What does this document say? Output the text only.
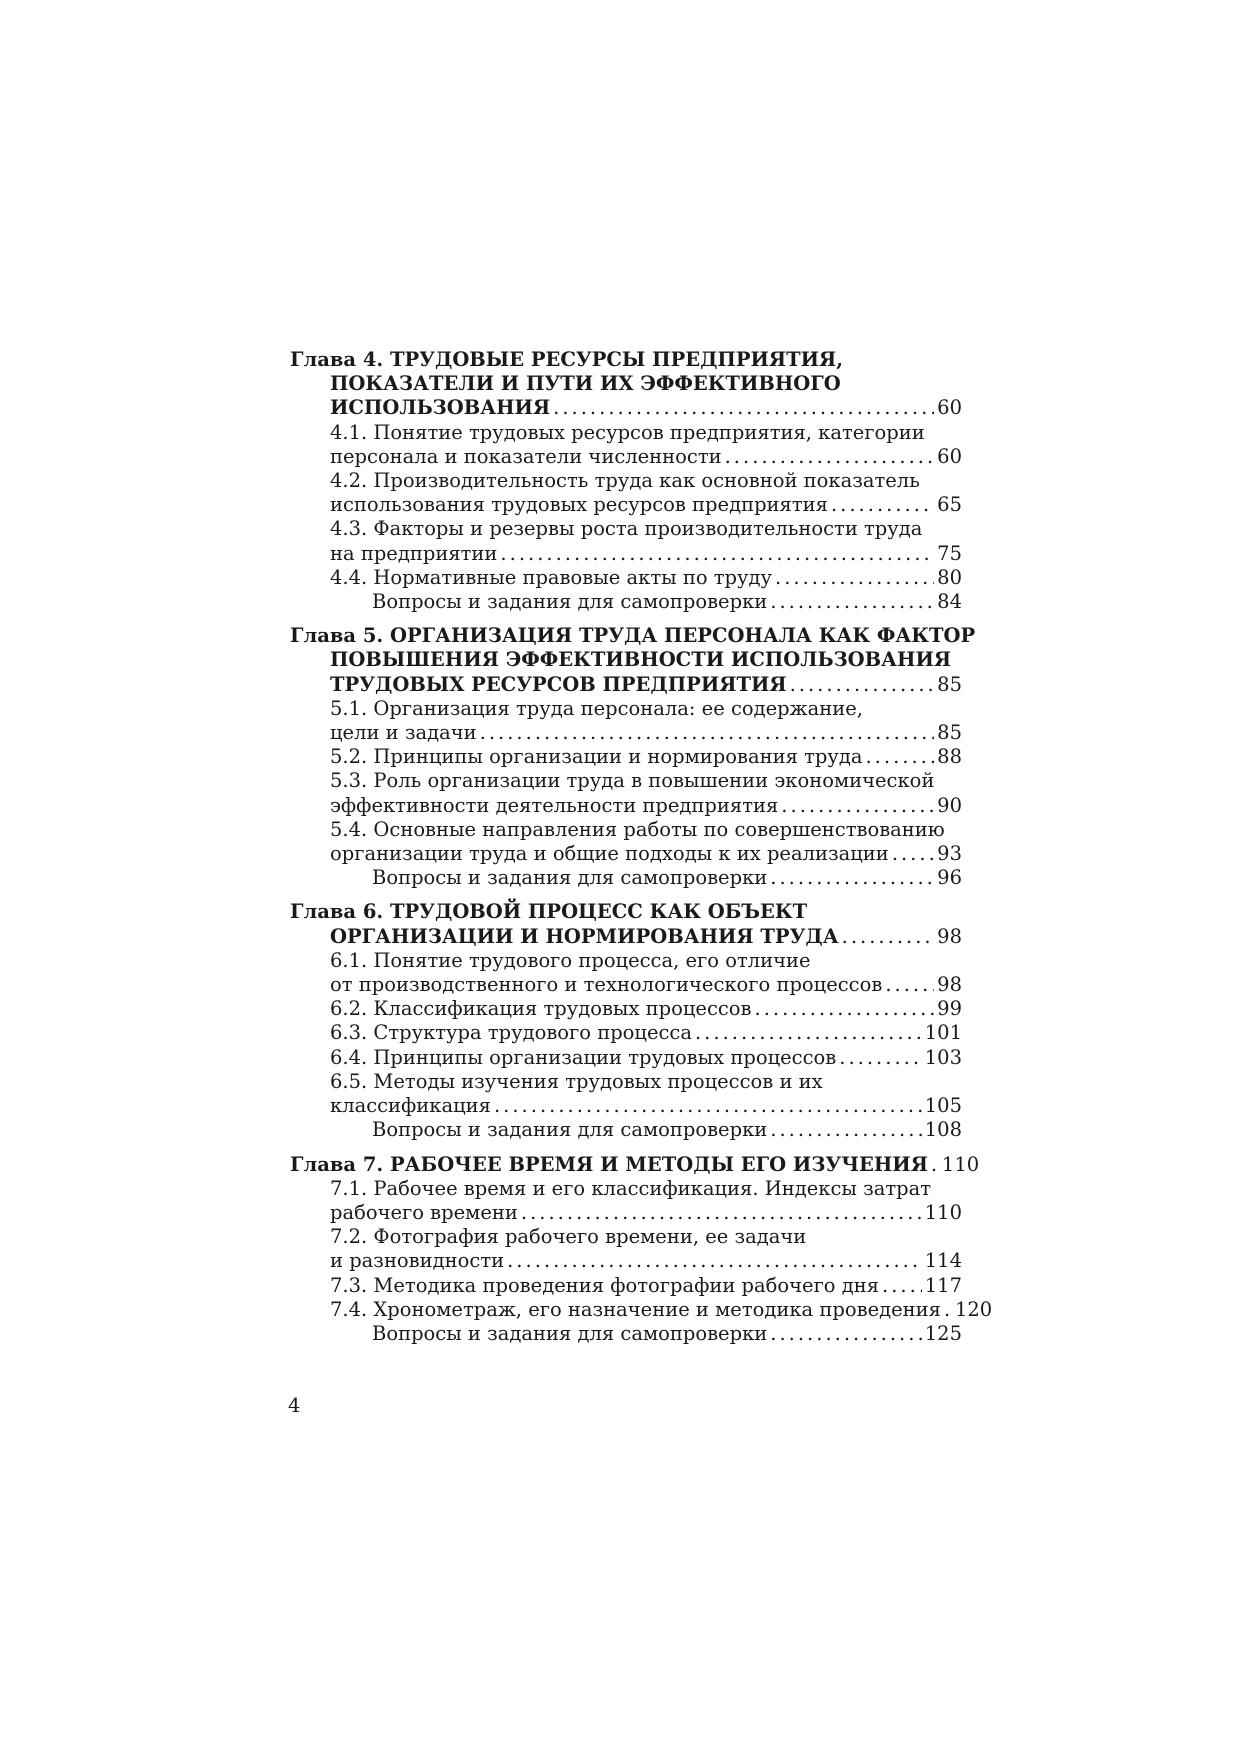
Глава 4.
ТРУДОВЫЕ РЕСУРСЫ ПРЕДПРИЯТИЯ,
ПОКАЗАТЕЛИ И ПУТИ ИХ ЭФФЕКТИВНОГО
ИСПОЛЬЗОВАНИЯ .....	60
4.1. Понятие трудовых ресурсов предприятия, категории
персонала и показатели численности .....	60
4.2. Производительность труда как основной показатель
использования трудовых ресурсов предприятия .....	65
4.3. Факторы и резервы роста производительности труда
на предприятии .....	75
4.4. Нормативные правовые акты по труду .....	80
Вопросы и задания для самопроверки .....	84
Глава 5.
ОРГАНИЗАЦИЯ ТРУДА ПЕРСОНАЛА КАК ФАКТОР
ПОВЫШЕНИЯ ЭФФЕКТИВНОСТИ ИСПОЛЬЗОВАНИЯ
ТРУДОВЫХ РЕСУРСОВ ПРЕДПРИЯТИЯ .....	85
5.1. Организация труда персонала: ее содержание,
цели и задачи .....	85
5.2. Принципы организации и нормирования труда .....	88
5.3. Роль организации труда в повышении экономической
эффективности деятельности предприятия .....	90
5.4. Основные направления работы по совершенствованию
организации труда и общие подходы к их реализации ..... 93
Вопросы и задания для самопроверки .....	96
Глава 6.
ТРУДОВОЙ ПРОЦЕСС КАК ОБЪЕКТ
ОРГАНИЗАЦИИ И НОРМИРОВАНИЯ ТРУДА .....	98
6.1. Понятие трудового процесса, его отличие
от производственного и технологического процессов .....	98
6.2. Классификация трудовых процессов .....	99
6.3. Структура трудового процесса .....	101
6.4. Принципы организации трудовых процессов .....	103
6.5. Методы изучения трудовых процессов и их
классификация .....	105
Вопросы и задания для самопроверки .....	108
Глава 7.
РАБОЧЕЕ ВРЕМЯ И МЕТОДЫ ЕГО ИЗУЧЕНИЯ ..... 110
7.1. Рабочее время и его классификация. Индексы затрат
рабочего времени .....	110
7.2. Фотография рабочего времени, ее задачи
и разновидности .....	114
7.3. Методика проведения фотографии рабочего дня ..... 117
7.4. Хронометраж, его назначение и методика проведения ..... 120
Вопросы и задания для самопроверки .....	125
4
